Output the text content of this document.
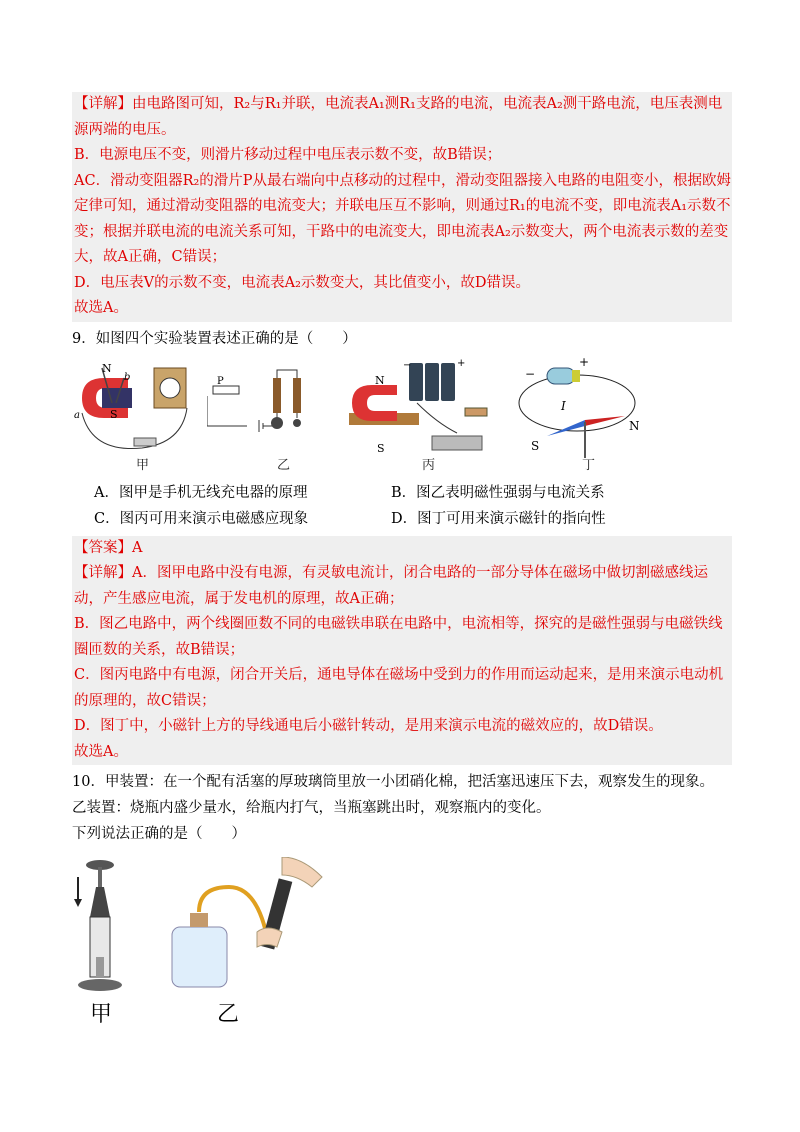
【详解】由电路图可知，R₂与R₁并联，电流表A₁测R₁支路的电流，电流表A₂测干路电流，电压表测电源两端的电压。

B．电源电压不变，则滑片移动过程中电压表示数不变，故B错误；

AC．滑动变阻器R₂的滑片P从最右端向中点移动的过程中，滑动变阻器接入电路的电阻变小，根据欧姆定律可知，通过滑动变阻器的电流变大；并联电压互不影响，则通过R₁的电流不变，即电流表A₁示数不变；根据并联电流的电流关系可知，干路中的电流变大，即电流表A₂示数变大，两个电流表示数的差变大，故A正确，C错误；

D．电压表V的示数不变，电流表A₂示数变大，其比值变小，故D错误。

故选A。

9．如图四个实验装置表述正确的是（　　）

N
S
a
b
甲
P
乙
N
S
+
−
丙
+
−
I
N
S
丁
A．图甲是手机无线充电器的原理	B．图乙表明磁性强弱与电流关系
C．图丙可用来演示电磁感应现象	D．图丁可用来演示磁针的指向性

【答案】A

【详解】A．图甲电路中没有电源，有灵敏电流计，闭合电路的一部分导体在磁场中做切割磁感线运动，产生感应电流，属于发电机的原理，故A正确；

B．图乙电路中，两个线圈匝数不同的电磁铁串联在电路中，电流相等，探究的是磁性强弱与电磁铁线圈匝数的关系，故B错误；

C．图丙电路中有电源，闭合开关后，通电导体在磁场中受到力的作用而运动起来，是用来演示电动机的原理的，故C错误；

D．图丁中，小磁针上方的导线通电后小磁针转动，是用来演示电流的磁效应的，故D错误。

故选A。

10．甲装置：在一个配有活塞的厚玻璃筒里放一小团硝化棉，把活塞迅速压下去，观察发生的现象。

乙装置：烧瓶内盛少量水，给瓶内打气，当瓶塞跳出时，观察瓶内的变化。

下列说法正确的是（　　）

甲	乙
